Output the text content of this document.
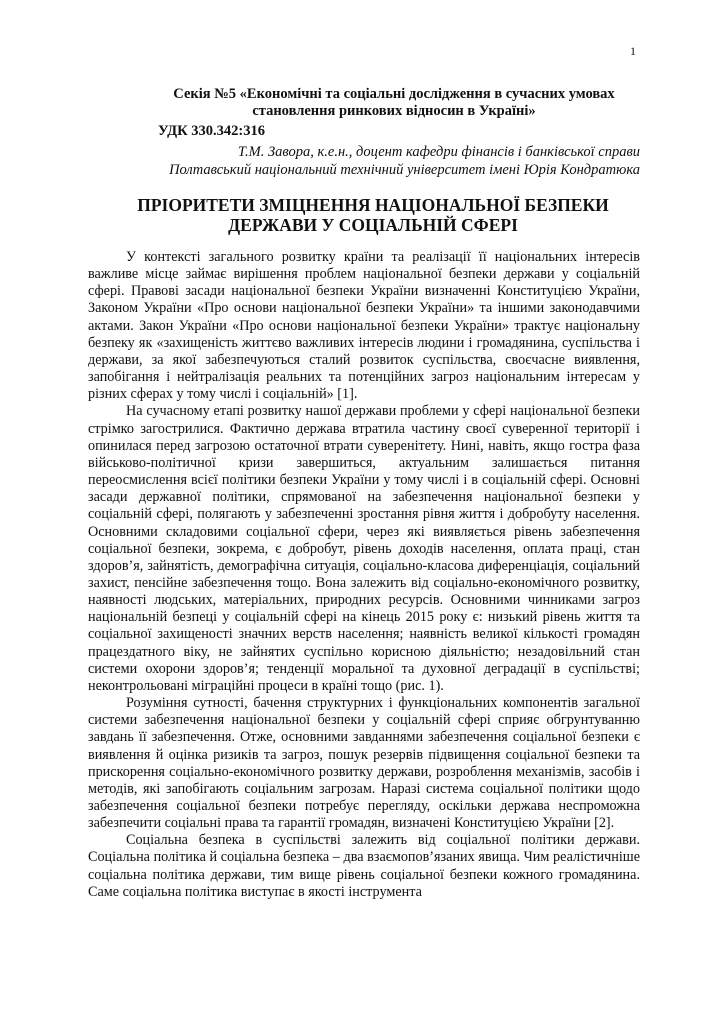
1

Секія №5 «Економічні та соціальні дослідження в сучасних умовах становлення ринкових відносин в Україні»

УДК 330.342:316

Т.М. Завора, к.е.н., доцент кафедри фінансів і банківської справи

Полтавський національний технічний університет імені Юрія Кондратюка

ПРІОРИТЕТИ ЗМІЦНЕННЯ НАЦІОНАЛЬНОЇ БЕЗПЕКИ ДЕРЖАВИ У СОЦІАЛЬНІЙ СФЕРІ

У контексті загального розвитку країни та реалізації її національних інтересів важливе місце займає вирішення проблем національної безпеки держави у соціальній сфері. Правові засади національної безпеки України визначенні Конституцією України, Законом України «Про основи національної безпеки України» та іншими законодавчими актами. Закон України «Про основи національної безпеки України» трактує національну безпеку як «захищеність життєво важливих інтересів людини і громадянина, суспільства і держави, за якої забезпечуються сталий розвиток суспільства, своєчасне виявлення, запобігання і нейтралізація реальних та потенційних загроз національним інтересам у різних сферах у тому числі і соціальній» [1].

На сучасному етапі розвитку нашої держави проблеми у сфері національної безпеки стрімко загострилися. Фактично держава втратила частину своєї суверенної території і опинилася перед загрозою остаточної втрати суверенітету. Нині, навіть, якщо гостра фаза військово-політичної кризи завершиться, актуальним залишається питання переосмислення всієї політики безпеки України у тому числі і в соціальній сфері. Основні засади державної політики, спрямованої на забезпечення національної безпеки у соціальній сфері, полягають у забезпеченні зростання рівня життя і добробуту населення. Основними складовими соціальної сфери, через які виявляється рівень забезпечення соціальної безпеки, зокрема, є добробут, рівень доходів населення, оплата праці, стан здоров’я, зайнятість, демографічна ситуація, соціально-класова диференціація, соціальний захист, пенсійне забезпечення тощо. Вона залежить від соціально-економічного розвитку, наявності людських, матеріальних, природних ресурсів. Основними чинниками загроз національній безпеці у соціальній сфері на кінець 2015 року є: низький рівень життя та соціальної захищеності значних верств населення; наявність великої кількості громадян працездатного віку, не зайнятих суспільно корисною діяльністю; незадовільний стан системи охорони здоров’я; тенденції моральної та духовної деградації в суспільстві; неконтрольовані міграційні процеси в країні тощо (рис. 1).

Розуміння сутності, бачення структурних і функціональних компонентів загальної системи забезпечення національної безпеки у соціальній сфері сприяє обгрунтуванню завдань її забезпечення. Отже, основними завданнями забезпечення соціальної безпеки є виявлення й оцінка ризиків та загроз, пошук резервів підвищення соціальної безпеки та прискорення соціально-економічного розвитку держави, розроблення механізмів, засобів і методів, які запобігають соціальним загрозам. Наразі система соціальної політики щодо забезпечення соціальної безпеки потребує перегляду, оскільки держава неспроможна забезпечити соціальні права та гарантії громадян, визначені Конституцією України [2].

Соціальна безпека в суспільстві залежить від соціальної політики держави. Соціальна політика й соціальна безпека – два взаємопов’язаних явища. Чим реалістичніше соціальна політика держави, тим вище рівень соціальної безпеки кожного громадянина. Саме соціальна політика виступає в якості інструмента
